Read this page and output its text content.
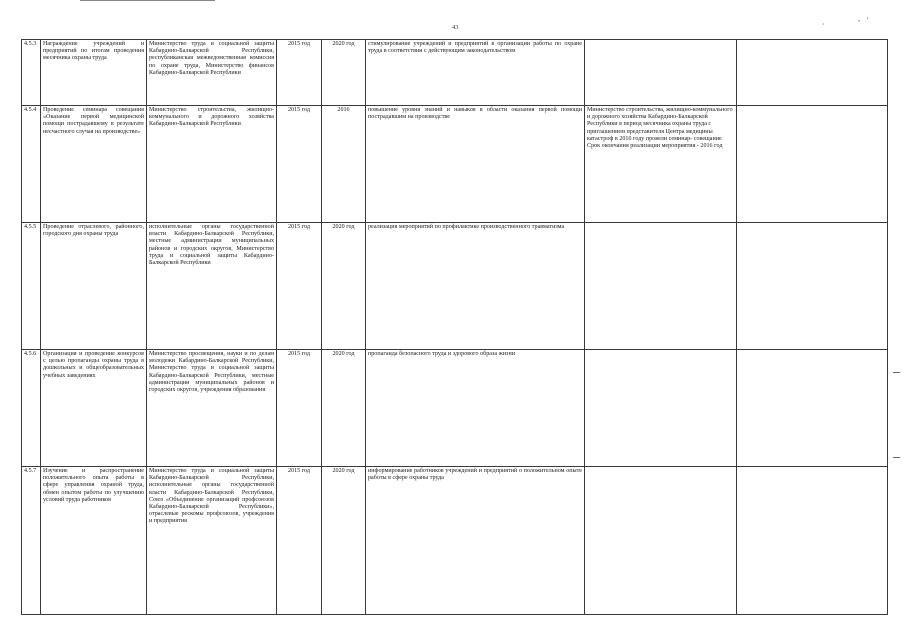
43	·
, '
4.5.3	Награждение учреждений и предприятий по итогам проведения месячника охраны труда	Министерство труда и социальной защиты Кабардино-Балкарской Республики, республиканская межведомственная комиссия по охране труда, Министерство финансов Кабардино-Балкарской Республики	2015 год	2020 год	стимулирование учреждений и предприятий в организации работы по охране труда в соответствии с действующим законодательством		
4.5.4	Проведение семинара совещания «Оказание первой медицинской помощи пострадавшему в результате несчастного случая на производстве»	Министерство строительства, жилищно-коммунального и дорожного хозяйства Кабардино-Балкарской Республики	2015 год	2016	повышение уровня знаний и навыков в области оказания первой помощи пострадавшим на производстве	Министерство строительства, жилищно-коммунального и дорожного хозяйства Кабардино-Балкарской Республики в период месячника охраны труда с приглашением представителя Центра медицины катастроф в 2016 году провели семинар- совещание Срок окончания реализации мероприятия - 2016 год	
4.5.5	Проведение отраслевого, районного, городского дня охраны труда	исполнительные органы государственной власти Кабардино-Балкарской Республики, местные администрации муниципальных районов и городских округов, Министерство труда и социальной защиты Кабардино-Балкарской Республики	2015 год	2020 год	реализация мероприятий по профилактике производственного травматизма		
4.5.6	Организация и проведение конкурсов с целью пропаганды охраны труда в дошкольных и общеобразовательных учебных заведениях	Министерство просвещения, науки и по делам молодежи Кабардино-Балкарской Республики, Министерство труда и социальной защиты Кабардино-Балкарской Республики, местные администрации муниципальных районов и городских округов, учреждения образования	2015 год	2020 год	пропаганда безопасного труда и здорового образа жизни		
4.5.7	Изучение и распространение положительного опыта работы в сфере управления охраной труда, обмен опытом работы по улучшению условий труда работников	Министерство труда и социальной защиты Кабардино-Балкарской Республики, исполнительные органы государственной власти Кабардино-Балкарской Республики, Союз «Объединение организаций профсоюзов Кабардино-Балкарской Республики», отраслевые рескомы профсоюзов, учреждения и предприятия	2015 год	2020 год	информирование работников учреждений и предприятий о положительном опыте работы в сфере охраны труда		
